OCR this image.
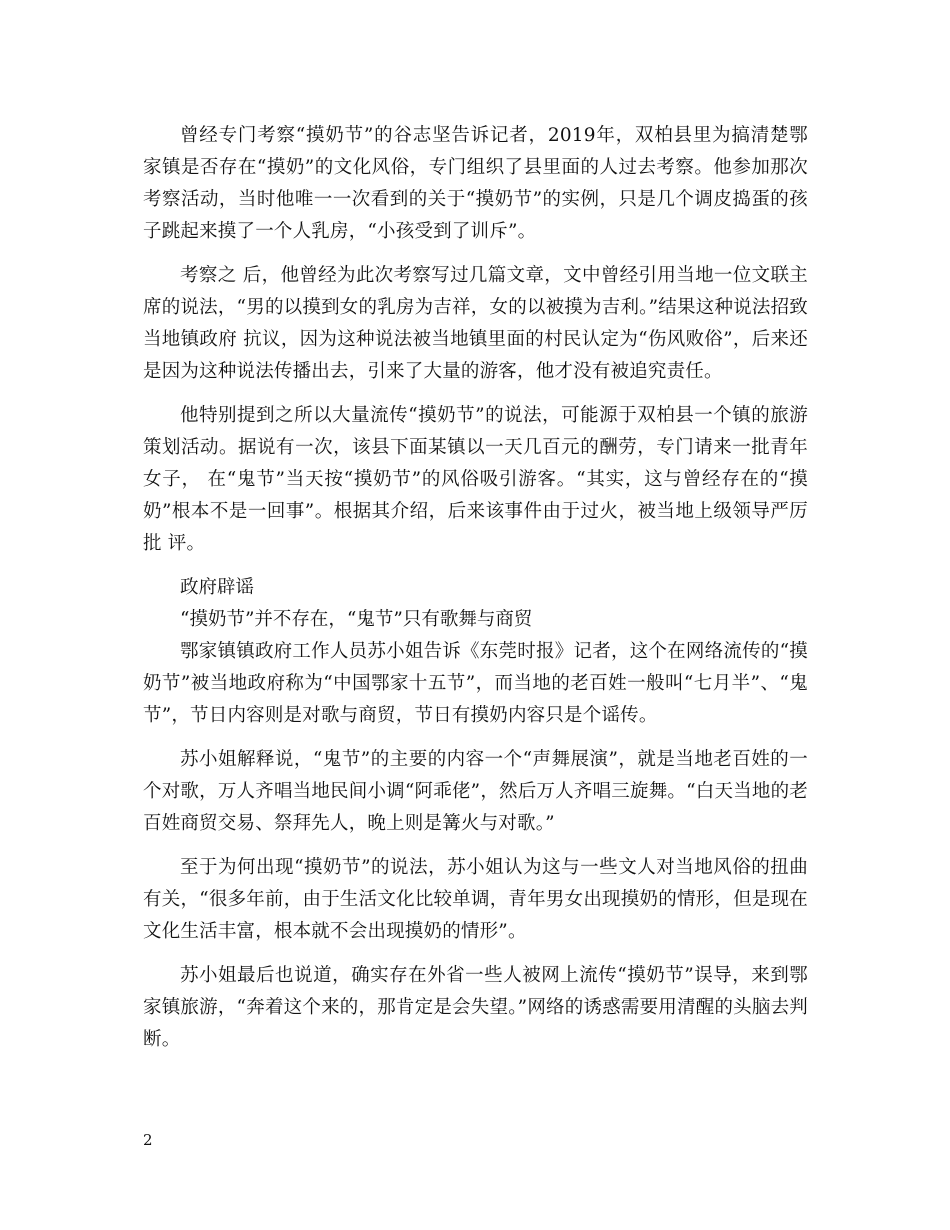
曾经专门考察“摸奶节”的谷志坚告诉记者，2019年，双柏县里为搞清楚鄂家镇是否存在“摸奶”的文化风俗，专门组织了县里面的人过去考察。他参加那次考察活动，当时他唯一一次看到的关于“摸奶节”的实例，只是几个调皮捣蛋的孩子跳起来摸了一个人乳房，“小孩受到了训斥”。

考察之 后，他曾经为此次考察写过几篇文章，文中曾经引用当地一位文联主席的说法，“男的以摸到女的乳房为吉祥，女的以被摸为吉利。”结果这种说法招致当地镇政府 抗议，因为这种说法被当地镇里面的村民认定为“伤风败俗”，后来还是因为这种说法传播出去，引来了大量的游客，他才没有被追究责任。

他特别提到之所以大量流传“摸奶节”的说法，可能源于双柏县一个镇的旅游策划活动。据说有一次，该县下面某镇以一天几百元的酬劳，专门请来一批青年女子， 在“鬼节”当天按“摸奶节”的风俗吸引游客。“其实，这与曾经存在的“摸奶”根本不是一回事”。根据其介绍，后来该事件由于过火，被当地上级领导严厉批 评。

政府辟谣

“摸奶节”并不存在，“鬼节”只有歌舞与商贸

鄂家镇镇政府工作人员苏小姐告诉《东莞时报》记者，这个在网络流传的“摸奶节”被当地政府称为“中国鄂家十五节”，而当地的老百姓一般叫“七月半”、“鬼节”，节日内容则是对歌与商贸，节日有摸奶内容只是个谣传。

苏小姐解释说，“鬼节”的主要的内容一个“声舞展演”，就是当地老百姓的一个对歌，万人齐唱当地民间小调“阿乖佬”，然后万人齐唱三旋舞。“白天当地的老百姓商贸交易、祭拜先人，晚上则是篝火与对歌。”

至于为何出现“摸奶节”的说法，苏小姐认为这与一些文人对当地风俗的扭曲有关，“很多年前，由于生活文化比较单调，青年男女出现摸奶的情形，但是现在文化生活丰富，根本就不会出现摸奶的情形”。

苏小姐最后也说道，确实存在外省一些人被网上流传“摸奶节”误导，来到鄂家镇旅游，“奔着这个来的，那肯定是会失望。”网络的诱惑需要用清醒的头脑去判断。

2
